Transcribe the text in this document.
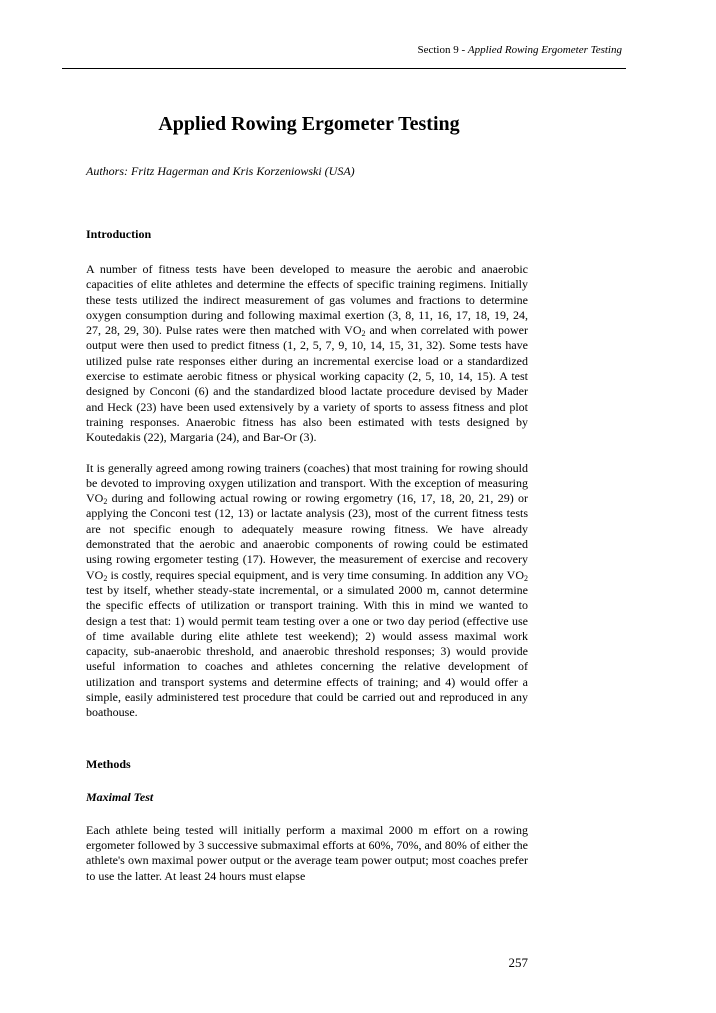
Section 9 - Applied Rowing Ergometer Testing
Applied Rowing Ergometer Testing

Authors: Fritz Hagerman and Kris Korzeniowski (USA)

Introduction

A number of fitness tests have been developed to measure the aerobic and anaerobic capacities of elite athletes and determine the effects of specific training regimens. Initially these tests utilized the indirect measurement of gas volumes and fractions to determine oxygen consumption during and following maximal exertion (3, 8, 11, 16, 17, 18, 19, 24, 27, 28, 29, 30). Pulse rates were then matched with $VO_2$ and when correlated with power output were then used to predict fitness (1, 2, 5, 7, 9, 10, 14, 15, 31, 32). Some tests have utilized pulse rate responses either during an incremental exercise load or a standardized exercise to estimate aerobic fitness or physical working capacity (2, 5, 10, 14, 15). A test designed by Conconi (6) and the standardized blood lactate procedure devised by Mader and Heck (23) have been used extensively by a variety of sports to assess fitness and plot training responses. Anaerobic fitness has also been estimated with tests designed by Koutedakis (22), Margaria (24), and Bar-Or (3).

It is generally agreed among rowing trainers (coaches) that most training for rowing should be devoted to improving oxygen utilization and transport. With the exception of measuring $VO_2$ during and following actual rowing or rowing ergometry (16, 17, 18, 20, 21, 29) or applying the Conconi test (12, 13) or lactate analysis (23), most of the current fitness tests are not specific enough to adequately measure rowing fitness. We have already demonstrated that the aerobic and anaerobic components of rowing could be estimated using rowing ergometer testing (17). However, the measurement of exercise and recovery $VO_2$ is costly, requires special equipment, and is very time consuming. In addition any $VO_2$ test by itself, whether steady-state incremental, or a simulated 2000 m, cannot determine the specific effects of utilization or transport training. With this in mind we wanted to design a test that: 1) would permit team testing over a one or two day period (effective use of time available during elite athlete test weekend); 2) would assess maximal work capacity, sub-anaerobic threshold, and anaerobic threshold responses; 3) would provide useful information to coaches and athletes concerning the relative development of utilization and transport systems and determine effects of training; and 4) would offer a simple, easily administered test procedure that could be carried out and reproduced in any boathouse.

Methods
Maximal Test

Each athlete being tested will initially perform a maximal 2000 m effort on a rowing ergometer followed by 3 successive submaximal efforts at 60%, 70%, and 80% of either the athlete's own maximal power output or the average team power output; most coaches prefer to use the latter. At least 24 hours must elapse

257
